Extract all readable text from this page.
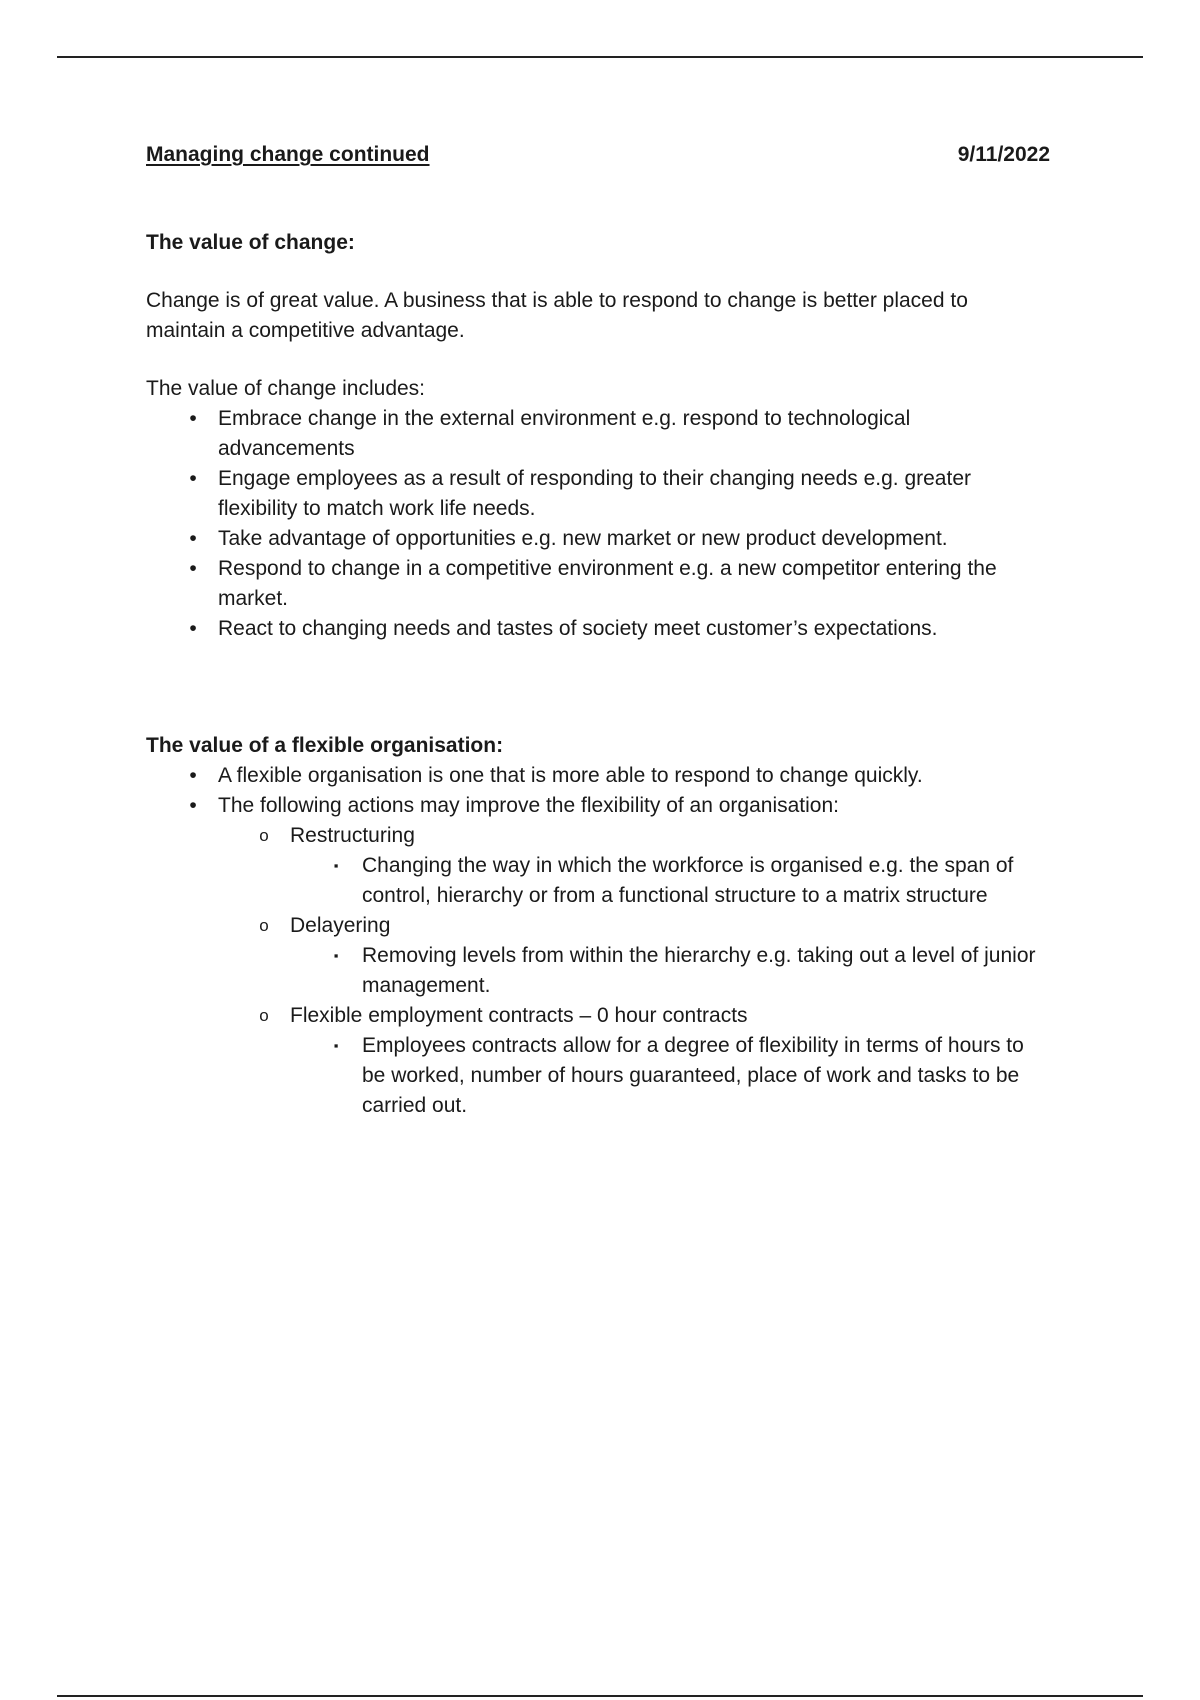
Managing change continued	9/11/2022

The value of change:

Change is of great value. A business that is able to respond to change is better placed to maintain a competitive advantage.

The value of change includes:

•	Embrace change in the external environment e.g. respond to technological advancements
•	Engage employees as a result of responding to their changing needs e.g. greater flexibility to match work life needs.
•	Take advantage of opportunities e.g. new market or new product development.
•	Respond to change in a competitive environment e.g. a new competitor entering the market.
•	React to changing needs and tastes of society meet customer’s expectations.

The value of a flexible organisation:

•	A flexible organisation is one that is more able to respond to change quickly.
•	The following actions may improve the flexibility of an organisation:
o Restructuring
▪	Changing the way in which the workforce is organised e.g. the span of control, hierarchy or from a functional structure to a matrix structure
o Delayering
▪	Removing levels from within the hierarchy e.g. taking out a level of junior management.
o Flexible employment contracts – 0 hour contracts
▪	Employees contracts allow for a degree of flexibility in terms of hours to be worked, number of hours guaranteed, place of work and tasks to be carried out.
